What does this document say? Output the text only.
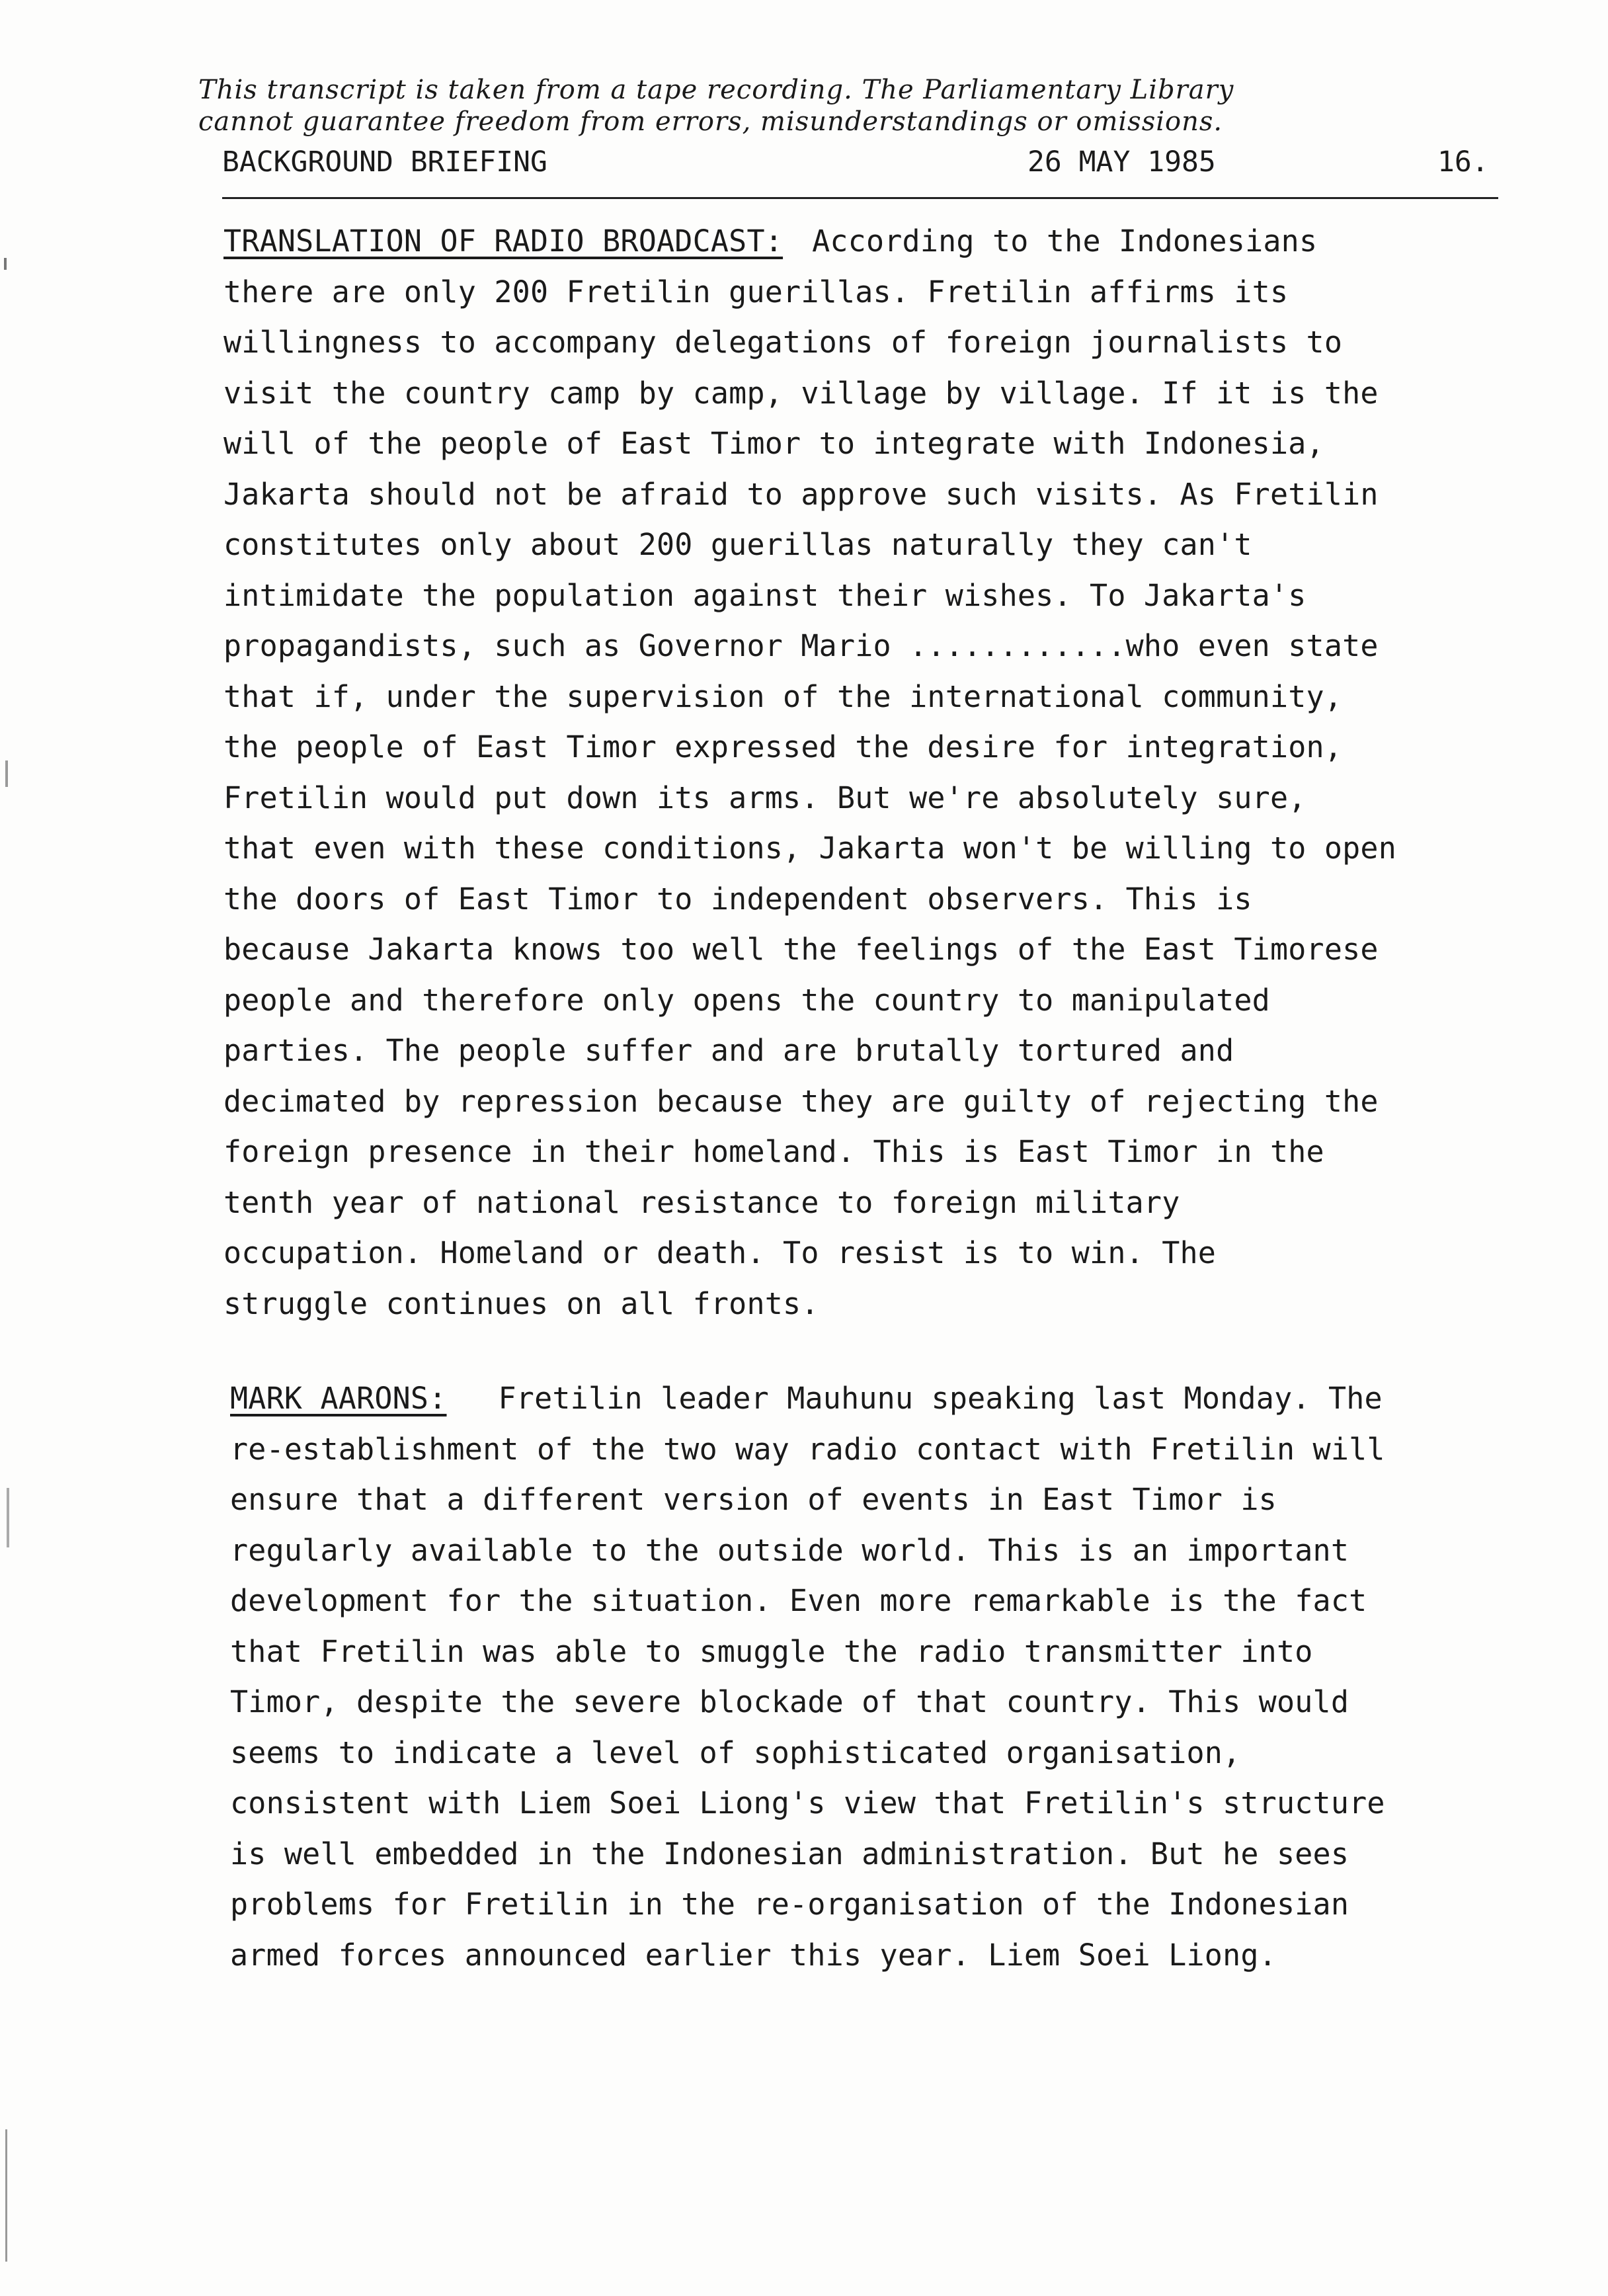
This transcript is taken from a tape recording. The Parliamentary Library
cannot guarantee freedom from errors, misunderstandings or omissions.
BACKGROUND BRIEFING	26 MAY 1985	16.
TRANSLATION OF RADIO BROADCAST: According to the Indonesians
there are only 200 Fretilin guerillas. Fretilin affirms its
willingness to accompany delegations of foreign journalists to
visit the country camp by camp, village by village. If it is the
will of the people of East Timor to integrate with Indonesia,
Jakarta should not be afraid to approve such visits. As Fretilin
constitutes only about 200 guerillas naturally they can't
intimidate the population against their wishes. To Jakarta's
propagandists, such as Governor Mario ............who even state
that if, under the supervision of the international community,
the people of East Timor expressed the desire for integration,
Fretilin would put down its arms. But we're absolutely sure,
that even with these conditions, Jakarta won't be willing to open
the doors of East Timor to independent observers. This is
because Jakarta knows too well the feelings of the East Timorese
people and therefore only opens the country to manipulated
parties. The people suffer and are brutally tortured and
decimated by repression because they are guilty of rejecting the
foreign presence in their homeland. This is East Timor in the
tenth year of national resistance to foreign military
occupation. Homeland or death. To resist is to win. The
struggle continues on all fronts.
MARK AARONS: Fretilin leader Mauhunu speaking last Monday. The
re-establishment of the two way radio contact with Fretilin will
ensure that a different version of events in East Timor is
regularly available to the outside world. This is an important
development for the situation. Even more remarkable is the fact
that Fretilin was able to smuggle the radio transmitter into
Timor, despite the severe blockade of that country. This would
seems to indicate a level of sophisticated organisation,
consistent with Liem Soei Liong's view that Fretilin's structure
is well embedded in the Indonesian administration. But he sees
problems for Fretilin in the re-organisation of the Indonesian
armed forces announced earlier this year. Liem Soei Liong.
